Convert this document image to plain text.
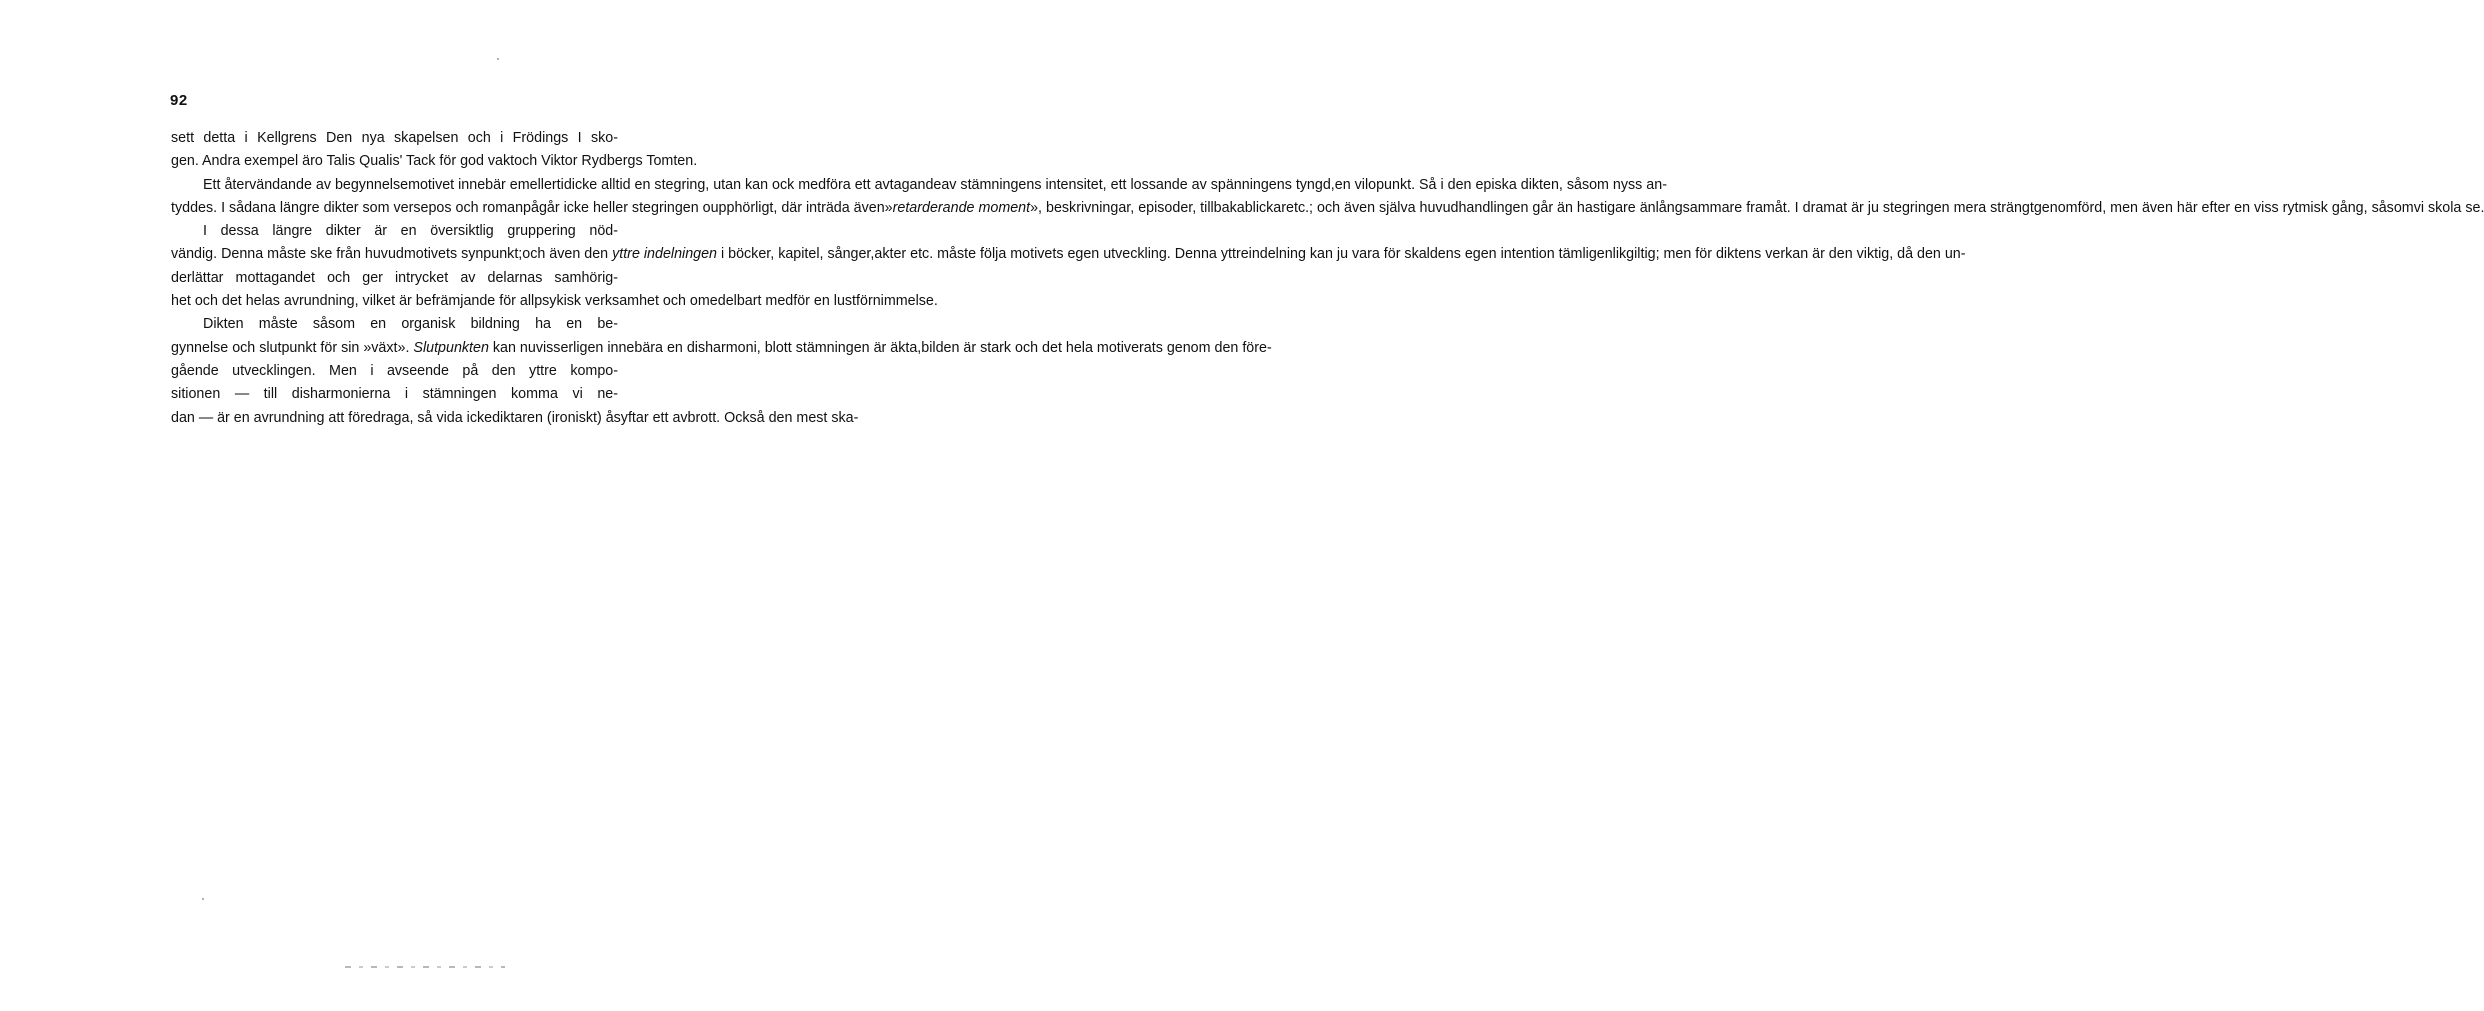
92
sett detta i Kellgrens Den nya skapelsen och i Frödings I sko-gen. Andra exempel äro Talis Qualis' Tack för god vaktoch Viktor Rydbergs Tomten.
Ett återvändande av begynnelsemotivet innebär emellertidicke alltid en stegring, utan kan ock medföra ett avtagandeav stämningens intensitet, ett lossande av spänningens tyngd,en vilopunkt. Så i den episka dikten, såsom nyss an-tyddes. I sådana längre dikter som versepos och romanpågår icke heller stegringen oupphörligt, där inträda även»retarderande moment», beskrivningar, episoder, tillbakablickaretc.; och även själva huvudhandlingen går än hastigare änlångsammare framåt. I dramat är ju stegringen mera strängtgenomförd, men även här efter en viss rytmisk gång, såsomvi skola se.
I dessa längre dikter är en översiktlig gruppering nöd-vändig. Denna måste ske från huvudmotivets synpunkt;och även den yttre indelningen i böcker, kapitel, sånger,akter etc. måste följa motivets egen utveckling. Denna yttreindelning kan ju vara för skaldens egen intention tämligenlikgiltig; men för diktens verkan är den viktig, då den un-derlättar mottagandet och ger intrycket av delarnas samhörig-het och det helas avrundning, vilket är befrämjande för allpsykisk verksamhet och omedelbart medför en lustförnimmelse.
Dikten måste såsom en organisk bildning ha en be-gynnelse och slutpunkt för sin »växt». Slutpunkten kan nuvisserligen innebära en disharmoni, blott stämningen är äkta,bilden är stark och det hela motiverats genom den före-gående utvecklingen. Men i avseende på den yttre kompo-sitionen — till disharmonierna i stämningen komma vi ne-dan — är en avrundning att föredraga, så vida ickediktaren (ironiskt) åsyftar ett avbrott. Också den mest ska-
